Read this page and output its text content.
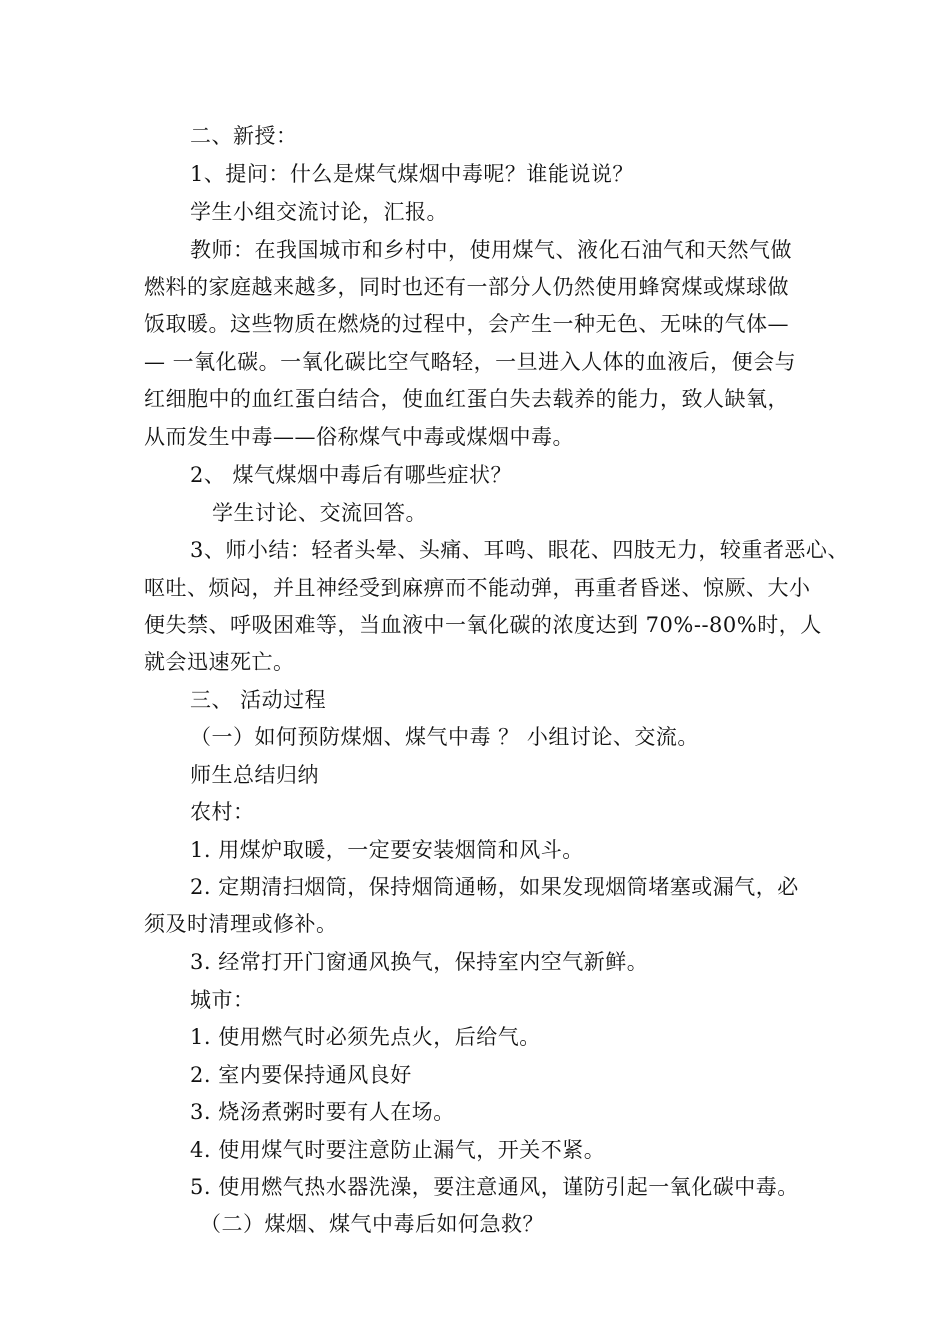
二、新授：
1、提问：什么是煤气煤烟中毒呢？谁能说说？
学生小组交流讨论，汇报。
教师：在我国城市和乡村中，使用煤气、液化石油气和天然气做
燃料的家庭越来越多，同时也还有一部分人仍然使用蜂窝煤或煤球做
饭取暖。这些物质在燃烧的过程中，会产生一种无色、无味的气体—
— 一氧化碳。一氧化碳比空气略轻，一旦进入人体的血液后，便会与
红细胞中的血红蛋白结合，使血红蛋白失去载养的能力，致人缺氧，
从而发生中毒——俗称煤气中毒或煤烟中毒。
2、 煤气煤烟中毒后有哪些症状？
学生讨论、交流回答。
3、师小结：轻者头晕、头痛、耳鸣、眼花、四肢无力，较重者恶心、
呕吐、烦闷，并且神经受到麻痹而不能动弹，再重者昏迷、惊厥、大小
便失禁、呼吸困难等，当血液中一氧化碳的浓度达到 70%--80%时，人
就会迅速死亡。
三、 活动过程
（一）如何预防煤烟、煤气中毒 ？ 小组讨论、交流。
师生总结归纳
农村：
1. 用煤炉取暖，一定要安装烟筒和风斗。
2. 定期清扫烟筒，保持烟筒通畅，如果发现烟筒堵塞或漏气，必
须及时清理或修补。
3. 经常打开门窗通风换气，保持室内空气新鲜。
城市：
1. 使用燃气时必须先点火，后给气。
2. 室内要保持通风良好
3. 烧汤煮粥时要有人在场。
4. 使用煤气时要注意防止漏气，开关不紧。
5. 使用燃气热水器洗澡，要注意通风，谨防引起一氧化碳中毒。
（二）煤烟、煤气中毒后如何急救？
